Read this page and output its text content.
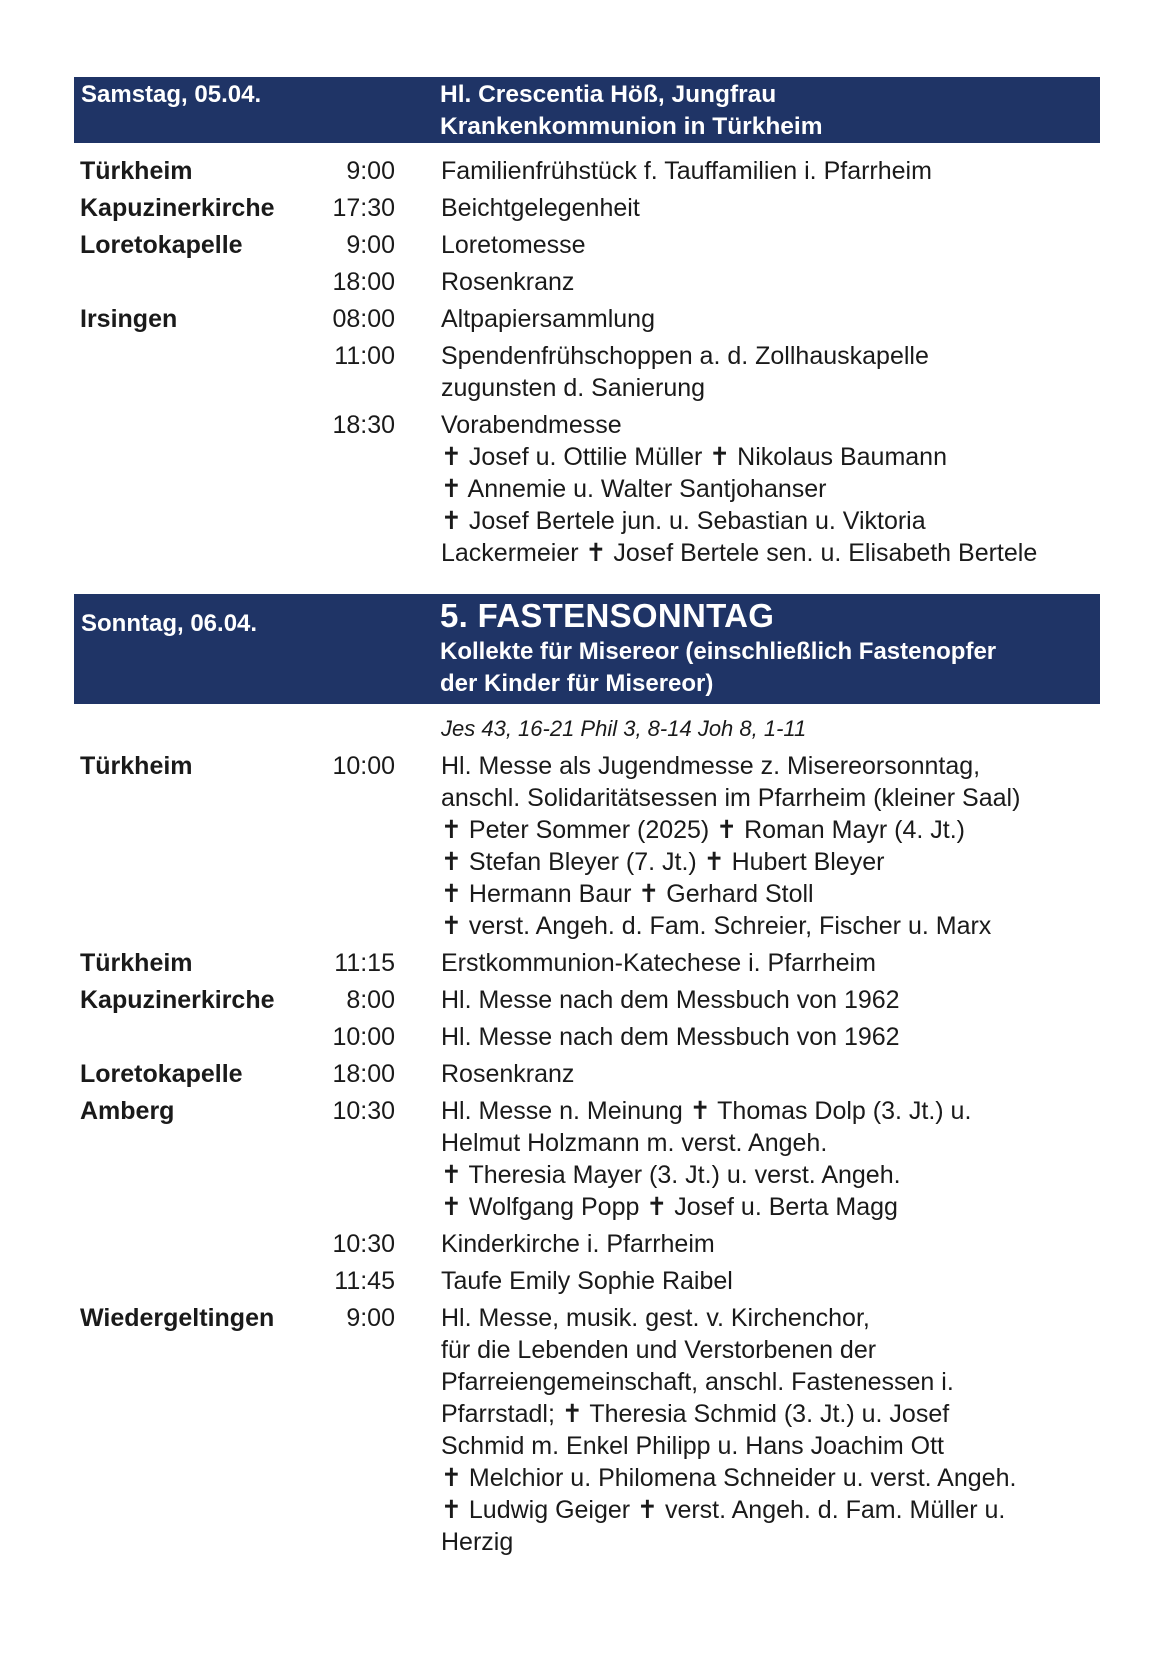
Samstag, 05.04.	Hl. Crescentia Höß, Jungfrau
Krankenkommunion in Türkheim
Türkheim	9:00 Familienfrühstück f. Tauffamilien i. Pfarrheim
Kapuzinerkirche	17:30 Beichtgelegenheit
Loretokapelle	9:00 Loretomesse
18:00 Rosenkranz
Irsingen	08:00 Altpapiersammlung
11:00 Spendenfrühschoppen a. d. Zollhauskapelle
zugunsten d. Sanierung
18:30 Vorabendmesse
✝ Josef u. Ottilie Müller ✝ Nikolaus Baumann
✝ Annemie u. Walter Santjohanser
✝ Josef Bertele jun. u. Sebastian u. Viktoria
Lackermeier ✝ Josef Bertele sen. u. Elisabeth Bertele
Sonntag, 06.04.	5. FASTENSONNTAG
Kollekte für Misereor (einschließlich Fastenopfer
der Kinder für Misereor)
Jes 43, 16-21 Phil 3, 8-14 Joh 8, 1-11
Türkheim	10:00 Hl. Messe als Jugendmesse z. Misereorsonntag,
anschl. Solidaritätsessen im Pfarrheim (kleiner Saal)
✝ Peter Sommer (2025) ✝ Roman Mayr (4. Jt.)
✝ Stefan Bleyer (7. Jt.) ✝ Hubert Bleyer
✝ Hermann Baur ✝ Gerhard Stoll
✝ verst. Angeh. d. Fam. Schreier, Fischer u. Marx
Türkheim	11:15 Erstkommunion-Katechese i. Pfarrheim
Kapuzinerkirche	8:00 Hl. Messe nach dem Messbuch von 1962
10:00 Hl. Messe nach dem Messbuch von 1962
Loretokapelle	18:00 Rosenkranz
Amberg	10:30 Hl. Messe n. Meinung ✝ Thomas Dolp (3. Jt.) u.
Helmut Holzmann m. verst. Angeh.
✝ Theresia Mayer (3. Jt.) u. verst. Angeh.
✝ Wolfgang Popp ✝ Josef u. Berta Magg
10:30 Kinderkirche i. Pfarrheim
11:45 Taufe Emily Sophie Raibel
Wiedergeltingen	9:00 Hl. Messe, musik. gest. v. Kirchenchor,
für die Lebenden und Verstorbenen der
Pfarreiengemeinschaft, anschl. Fastenessen i.
Pfarrstadl; ✝ Theresia Schmid (3. Jt.) u. Josef
Schmid m. Enkel Philipp u. Hans Joachim Ott
✝ Melchior u. Philomena Schneider u. verst. Angeh.
✝ Ludwig Geiger ✝ verst. Angeh. d. Fam. Müller u.
Herzig
